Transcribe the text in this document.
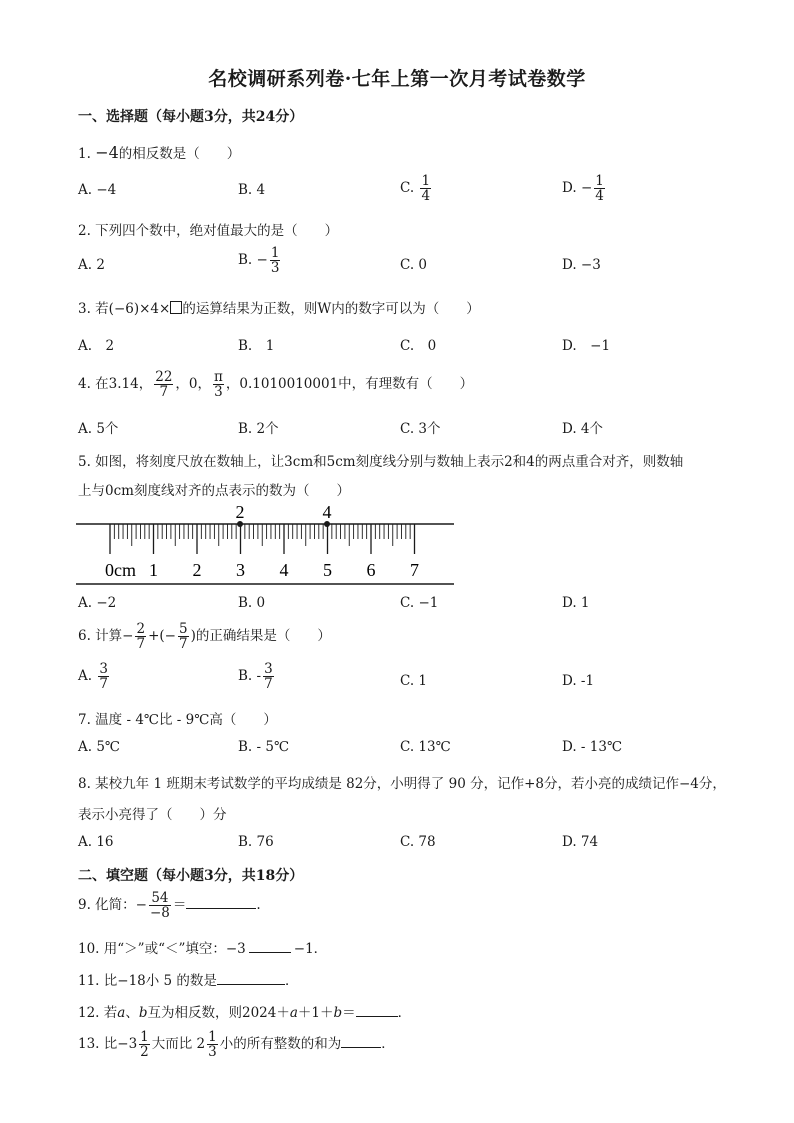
名校调研系列卷·七年上第一次月考试卷数学
一、选择题（每小题3分，共24分）
1. −4的相反数是（　　）
A. −4	B. 4	C. $\frac{1}{4}$	D. − $\frac{1}{4}$
2. 下列四个数中，绝对值最大的是（　　）
A. 2	B. − $\frac{1}{3}$	C. 0	D. −3
3. 若(−6)×4× 的运算结果为正数，则W内的数字可以为（　　）
A.　 2	B.　 1	C.　 0	D.　 −1
4. 在3.14， $\frac{22}{7}$ ，0， $\frac{\pi}{3}$ ，0.1010010001中，有理数有（　　）
A. 5个	B. 2个	C. 3个	D. 4个
5. 如图，将刻度尺放在数轴上，让3cm和5cm刻度线分别与数轴上表示2和4的两点重合对齐，则数轴
上与0cm刻度线对齐的点表示的数为（　　）
2	4
0cm 1 2 3 4 5 6 7
A. −2	B. 0	C. −1	D. 1
6. 计算− $\frac{2}{7}$ +(− $\frac{5}{7}$ )的正确结果是（　　）
A. $\frac{3}{7}$	B. - $\frac{3}{7}$	C. 1	D. -1
7. 温度 - 4℃比 - 9℃高（　　）
A. 5℃	B. - 5℃	C. 13℃	D. - 13℃
8. 某校九年 1 班期末考试数学的平均成绩是 82分，小明得了 90 分，记作+8分，若小亮的成绩记作−4分，
表示小亮得了（　　）分
A. 16	B. 76	C. 78	D. 74
二、填空题（每小题3分，共18分）
9. 化简：− $\frac{54}{-8}$ ＝	.
10. 用“＞”或“＜”填空：−3	−1．
11. 比−18小 5 的数是	．
12. 若a、b互为相反数，则2024＋a＋1＋b＝	．
13. 比$-3 \frac{1}{2}$ 大而比 $2 \frac{1}{3}$ 小的所有整数的和为	．
